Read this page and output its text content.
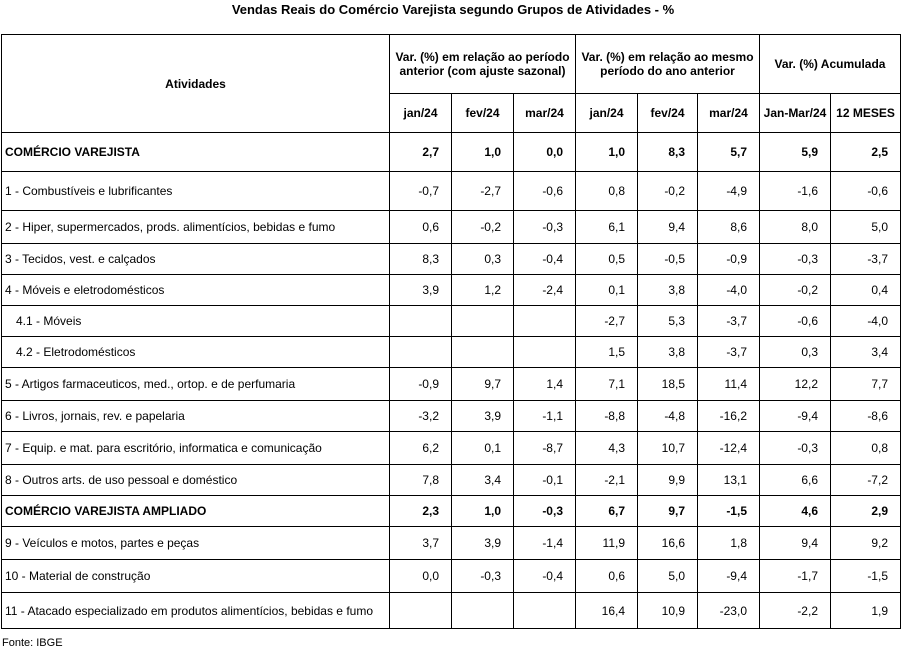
Vendas Reais do Comércio Varejista segundo Grupos de Atividades - %
Atividades	Var. (%) em relação ao período anterior (com ajuste sazonal)			Var. (%) em relação ao mesmo período do ano anterior			Var. (%) Acumulada	
	jan/24	fev/24	mar/24	jan/24	fev/24	mar/24	Jan-Mar/24	12 MESES
COMÉRCIO VAREJISTA	2,7	1,0	0,0	1,0	8,3	5,7	5,9	2,5
1 - Combustíveis e lubrificantes	-0,7	-2,7	-0,6	0,8	-0,2	-4,9	-1,6	-0,6
2 - Hiper, supermercados, prods. alimentícios, bebidas e fumo	0,6	-0,2	-0,3	6,1	9,4	8,6	8,0	5,0
3 - Tecidos, vest. e calçados	8,3	0,3	-0,4	0,5	-0,5	-0,9	-0,3	-3,7
4 - Móveis e eletrodomésticos	3,9	1,2	-2,4	0,1	3,8	-4,0	-0,2	0,4
4.1 - Móveis				-2,7	5,3	-3,7	-0,6	-4,0
4.2 - Eletrodomésticos				1,5	3,8	-3,7	0,3	3,4
5 - Artigos farmaceuticos, med., ortop. e de perfumaria	-0,9	9,7	1,4	7,1	18,5	11,4	12,2	7,7
6 - Livros, jornais, rev. e papelaria	-3,2	3,9	-1,1	-8,8	-4,8	-16,2	-9,4	-8,6
7 - Equip. e mat. para escritório, informatica e comunicação	6,2	0,1	-8,7	4,3	10,7	-12,4	-0,3	0,8
8 - Outros arts. de uso pessoal e doméstico	7,8	3,4	-0,1	-2,1	9,9	13,1	6,6	-7,2
COMÉRCIO VAREJISTA AMPLIADO	2,3	1,0	-0,3	6,7	9,7	-1,5	4,6	2,9
9 - Veículos e motos, partes e peças	3,7	3,9	-1,4	11,9	16,6	1,8	9,4	9,2
10 - Material de construção	0,0	-0,3	-0,4	0,6	5,0	-9,4	-1,7	-1,5
11 - Atacado especializado em produtos alimentícios, bebidas e fumo				16,4	10,9	-23,0	-2,2	1,9
Fonte: IBGE
